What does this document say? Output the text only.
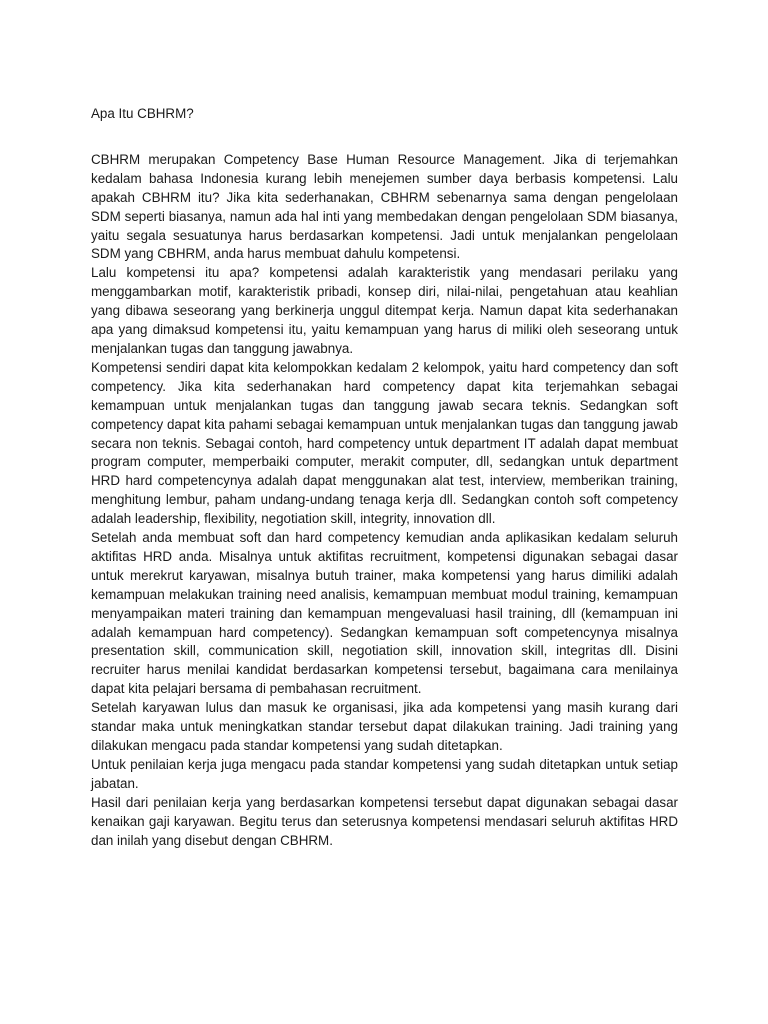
Apa Itu CBHRM?

CBHRM merupakan Competency Base Human Resource Management. Jika di terjemahkan kedalam bahasa Indonesia kurang lebih menejemen sumber daya berbasis kompetensi. Lalu apakah CBHRM itu? Jika kita sederhanakan, CBHRM sebenarnya sama dengan pengelolaan SDM seperti biasanya, namun ada hal inti yang membedakan dengan pengelolaan SDM biasanya, yaitu segala sesuatunya harus berdasarkan kompetensi. Jadi untuk menjalankan pengelolaan SDM yang CBHRM, anda harus membuat dahulu kompetensi.

Lalu kompetensi itu apa? kompetensi adalah karakteristik yang mendasari perilaku yang menggambarkan motif, karakteristik pribadi, konsep diri, nilai-nilai, pengetahuan atau keahlian yang dibawa seseorang yang berkinerja unggul ditempat kerja. Namun dapat kita sederhanakan apa yang dimaksud kompetensi itu, yaitu kemampuan yang harus di miliki oleh seseorang untuk menjalankan tugas dan tanggung jawabnya.

Kompetensi sendiri dapat kita kelompokkan kedalam 2 kelompok, yaitu hard competency dan soft competency. Jika kita sederhanakan hard competency dapat kita terjemahkan sebagai kemampuan untuk menjalankan tugas dan tanggung jawab secara teknis. Sedangkan soft competency dapat kita pahami sebagai kemampuan untuk menjalankan tugas dan tanggung jawab secara non teknis. Sebagai contoh, hard competency untuk department IT adalah dapat membuat program computer, memperbaiki computer, merakit computer, dll, sedangkan untuk department HRD hard competencynya adalah dapat menggunakan alat test, interview, memberikan training, menghitung lembur, paham undang-undang tenaga kerja dll. Sedangkan contoh soft competency adalah leadership, flexibility, negotiation skill, integrity, innovation dll.

Setelah anda membuat soft dan hard competency kemudian anda aplikasikan kedalam seluruh aktifitas HRD anda. Misalnya untuk aktifitas recruitment, kompetensi digunakan sebagai dasar untuk merekrut karyawan, misalnya butuh trainer, maka kompetensi yang harus dimiliki adalah kemampuan melakukan training need analisis, kemampuan membuat modul training, kemampuan menyampaikan materi training dan kemampuan mengevaluasi hasil training, dll (kemampuan ini adalah kemampuan hard competency). Sedangkan kemampuan soft competencynya misalnya presentation skill, communication skill, negotiation skill, innovation skill, integritas dll. Disini recruiter harus menilai kandidat berdasarkan kompetensi tersebut, bagaimana cara menilainya dapat kita pelajari bersama di pembahasan recruitment.

Setelah karyawan lulus dan masuk ke organisasi, jika ada kompetensi yang masih kurang dari standar maka untuk meningkatkan standar tersebut dapat dilakukan training. Jadi training yang dilakukan mengacu pada standar kompetensi yang sudah ditetapkan.

Untuk penilaian kerja juga mengacu pada standar kompetensi yang sudah ditetapkan untuk setiap jabatan.

Hasil dari penilaian kerja yang berdasarkan kompetensi tersebut dapat digunakan sebagai dasar kenaikan gaji karyawan. Begitu terus dan seterusnya kompetensi mendasari seluruh aktifitas HRD dan inilah yang disebut dengan CBHRM.
